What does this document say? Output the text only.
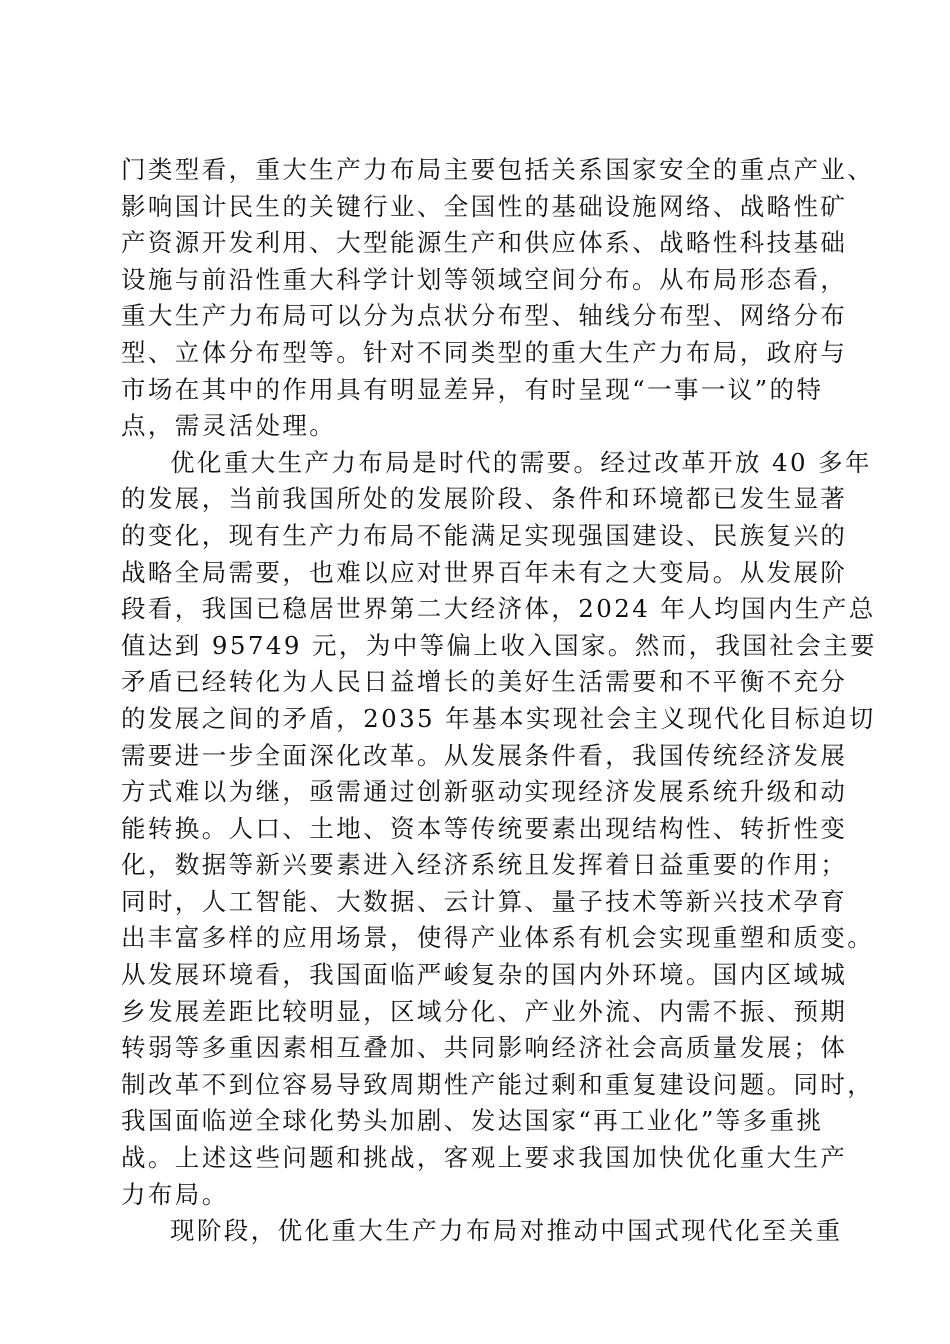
门类型看，重大生产力布局主要包括关系国家安全的重点产业、
影响国计民生的关键行业、全国性的基础设施网络、战略性矿
产资源开发利用、大型能源生产和供应体系、战略性科技基础
设施与前沿性重大科学计划等领域空间分布。从布局形态看，
重大生产力布局可以分为点状分布型、轴线分布型、网络分布
型、立体分布型等。针对不同类型的重大生产力布局，政府与
市场在其中的作用具有明显差异，有时呈现“一事一议”的特
点，需灵活处理。
优化重大生产力布局是时代的需要。经过改革开放 40 多年
的发展，当前我国所处的发展阶段、条件和环境都已发生显著
的变化，现有生产力布局不能满足实现强国建设、民族复兴的
战略全局需要，也难以应对世界百年未有之大变局。从发展阶
段看，我国已稳居世界第二大经济体，2024 年人均国内生产总
值达到 95749 元，为中等偏上收入国家。然而，我国社会主要
矛盾已经转化为人民日益增长的美好生活需要和不平衡不充分
的发展之间的矛盾，2035 年基本实现社会主义现代化目标迫切
需要进一步全面深化改革。从发展条件看，我国传统经济发展
方式难以为继，亟需通过创新驱动实现经济发展系统升级和动
能转换。人口、土地、资本等传统要素出现结构性、转折性变
化，数据等新兴要素进入经济系统且发挥着日益重要的作用；
同时，人工智能、大数据、云计算、量子技术等新兴技术孕育
出丰富多样的应用场景，使得产业体系有机会实现重塑和质变。
从发展环境看，我国面临严峻复杂的国内外环境。国内区域城
乡发展差距比较明显，区域分化、产业外流、内需不振、预期
转弱等多重因素相互叠加、共同影响经济社会高质量发展；体
制改革不到位容易导致周期性产能过剩和重复建设问题。同时，
我国面临逆全球化势头加剧、发达国家“再工业化”等多重挑
战。上述这些问题和挑战，客观上要求我国加快优化重大生产
力布局。
现阶段，优化重大生产力布局对推动中国式现代化至关重
